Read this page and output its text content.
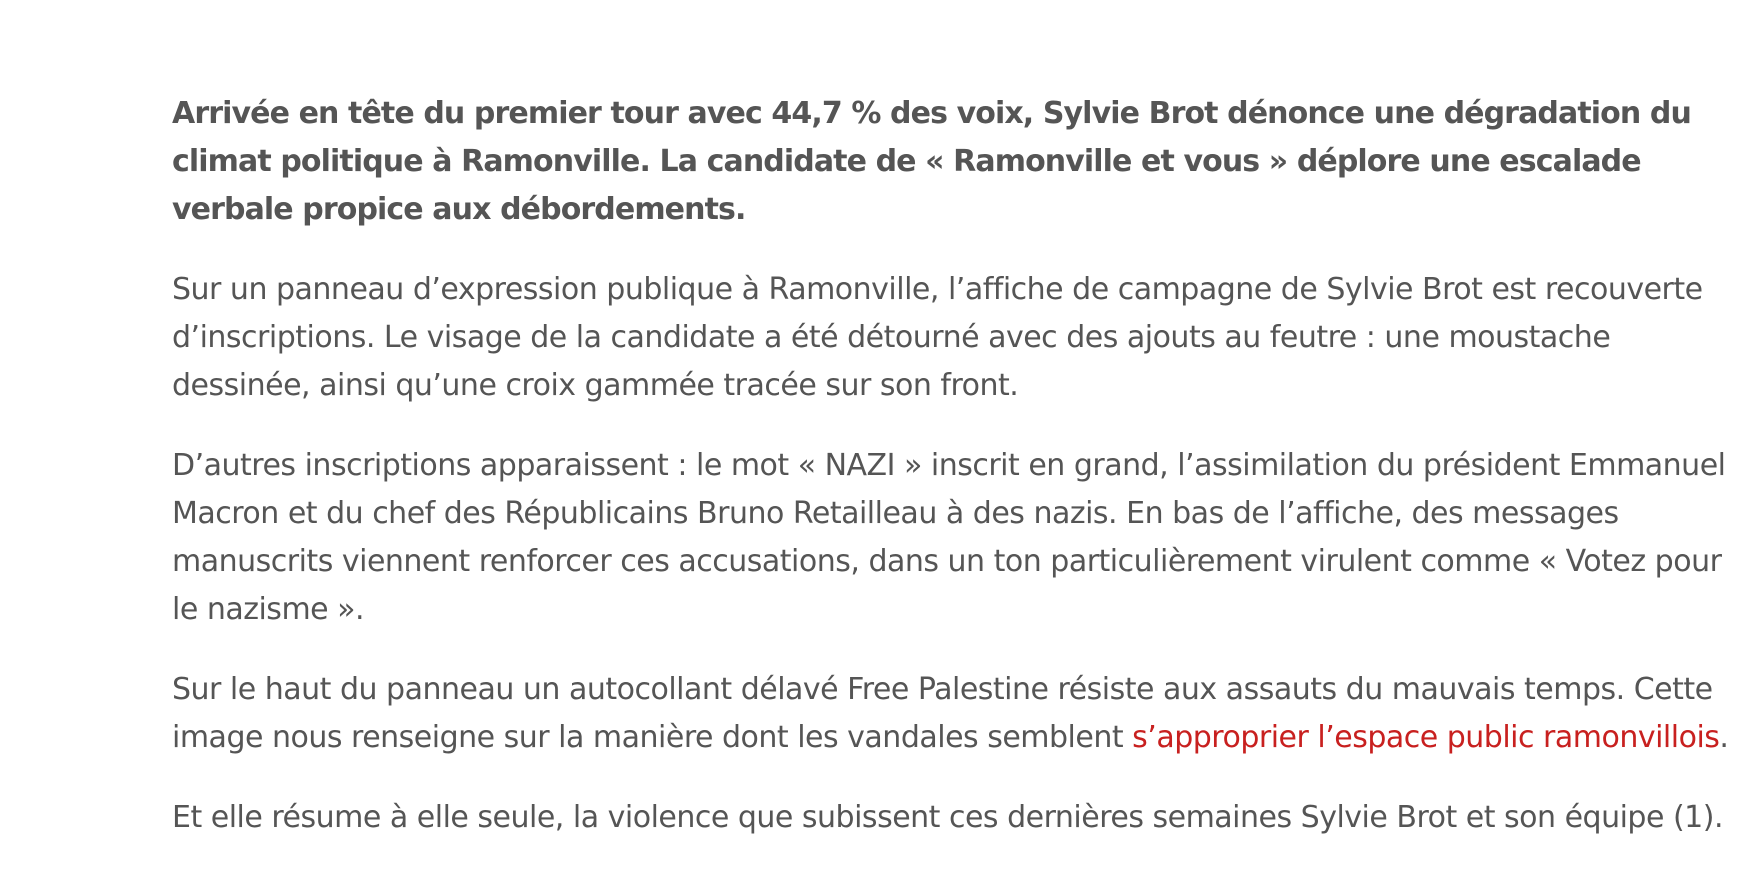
Arrivée en tête du premier tour avec 44,7 % des voix, Sylvie Brot dénonce une dégradation du climat politique à Ramonville. La candidate de « Ramonville et vous » déplore une escalade verbale propice aux débordements.

Sur un panneau d’expression publique à Ramonville, l’affiche de campagne de Sylvie Brot est recouverte d’inscriptions. Le visage de la candidate a été détourné avec des ajouts au feutre : une moustache dessinée, ainsi qu’une croix gammée tracée sur son front.

D’autres inscriptions apparaissent : le mot « NAZI » inscrit en grand, l’assimilation du président Emmanuel Macron et du chef des Républicains Bruno Retailleau à des nazis. En bas de l’affiche, des messages manuscrits viennent renforcer ces accusations, dans un ton particulièrement virulent comme « Votez pour le nazisme ».

Sur le haut du panneau un autocollant délavé Free Palestine résiste aux assauts du mauvais temps. Cette image nous renseigne sur la manière dont les vandales semblent s’approprier l’espace public ramonvillois.

Et elle résume à elle seule, la violence que subissent ces dernières semaines Sylvie Brot et son équipe (1).
